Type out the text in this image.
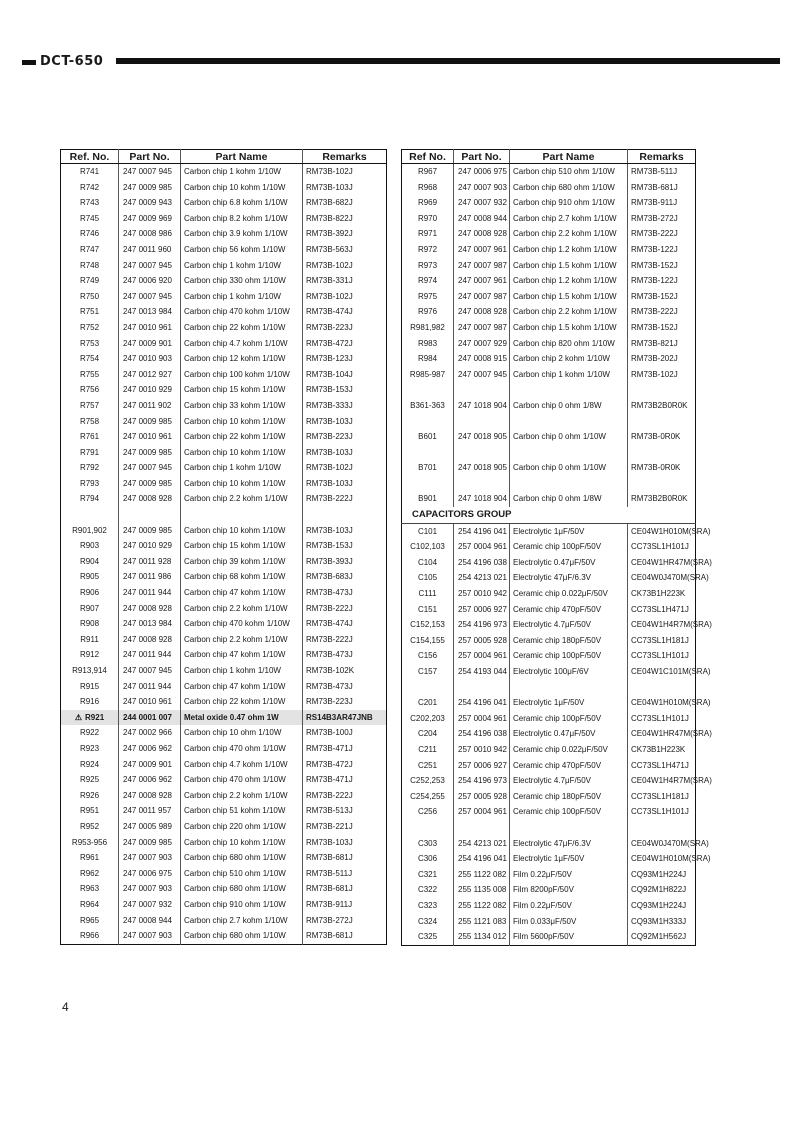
DCT-650
Ref. No.	Part No.	Part Name	Remarks
R741	247 0007 945	Carbon chip 1 kohm 1/10W	RM73B-102J
R742	247 0009 985	Carbon chip 10 kohm 1/10W	RM73B-103J
R743	247 0009 943	Carbon chip 6.8 kohm 1/10W	RM73B-682J
R745	247 0009 969	Carbon chip 8.2 kohm 1/10W	RM73B-822J
R746	247 0008 986	Carbon chip 3.9 kohm 1/10W	RM73B-392J
R747	247 0011 960	Carbon chip 56 kohm 1/10W	RM73B-563J
R748	247 0007 945	Carbon chip 1 kohm 1/10W	RM73B-102J
R749	247 0006 920	Carbon chip 330 ohm 1/10W	RM73B-331J
R750	247 0007 945	Carbon chip 1 kohm 1/10W	RM73B-102J
R751	247 0013 984	Carbon chip 470 kohm 1/10W	RM73B-474J
R752	247 0010 961	Carbon chip 22 kohm 1/10W	RM73B-223J
R753	247 0009 901	Carbon chip 4.7 kohm 1/10W	RM73B-472J
R754	247 0010 903	Carbon chip 12 kohm 1/10W	RM73B-123J
R755	247 0012 927	Carbon chip 100 kohm 1/10W	RM73B-104J
R756	247 0010 929	Carbon chip 15 kohm 1/10W	RM73B-153J
R757	247 0011 902	Carbon chip 33 kohm 1/10W	RM73B-333J
R758	247 0009 985	Carbon chip 10 kohm 1/10W	RM73B-103J
R761	247 0010 961	Carbon chip 22 kohm 1/10W	RM73B-223J
R791	247 0009 985	Carbon chip 10 kohm 1/10W	RM73B-103J
R792	247 0007 945	Carbon chip 1 kohm 1/10W	RM73B-102J
R793	247 0009 985	Carbon chip 10 kohm 1/10W	RM73B-103J
R794	247 0008 928	Carbon chip 2.2 kohm 1/10W	RM73B-222J

R901,902	247 0009 985	Carbon chip 10 kohm 1/10W	RM73B-103J
R903	247 0010 929	Carbon chip 15 kohm 1/10W	RM73B-153J
R904	247 0011 928	Carbon chip 39 kohm 1/10W	RM73B-393J
R905	247 0011 986	Carbon chip 68 kohm 1/10W	RM73B-683J
R906	247 0011 944	Carbon chip 47 kohm 1/10W	RM73B-473J
R907	247 0008 928	Carbon chip 2.2 kohm 1/10W	RM73B-222J
R908	247 0013 984	Carbon chip 470 kohm 1/10W	RM73B-474J
R911	247 0008 928	Carbon chip 2.2 kohm 1/10W	RM73B-222J
R912	247 0011 944	Carbon chip 47 kohm 1/10W	RM73B-473J
R913,914	247 0007 945	Carbon chip 1 kohm 1/10W	RM73B-102K
R915	247 0011 944	Carbon chip 47 kohm 1/10W	RM73B-473J
R916	247 0010 961	Carbon chip 22 kohm 1/10W	RM73B-223J
⚠ R921	244 0001 007	Metal oxide 0.47 ohm 1W	RS14B3AR47JNB
R922	247 0002 966	Carbon chip 10 ohm 1/10W	RM73B-100J
R923	247 0006 962	Carbon chip 470 ohm 1/10W	RM73B-471J
R924	247 0009 901	Carbon chip 4.7 kohm 1/10W	RM73B-472J
R925	247 0006 962	Carbon chip 470 ohm 1/10W	RM73B-471J
R926	247 0008 928	Carbon chip 2.2 kohm 1/10W	RM73B-222J
R951	247 0011 957	Carbon chip 51 kohm 1/10W	RM73B-513J
R952	247 0005 989	Carbon chip 220 ohm 1/10W	RM73B-221J
R953-956	247 0009 985	Carbon chip 10 kohm 1/10W	RM73B-103J
R961	247 0007 903	Carbon chip 680 ohm 1/10W	RM73B-681J
R962	247 0006 975	Carbon chip 510 ohm 1/10W	RM73B-511J
R963	247 0007 903	Carbon chip 680 ohm 1/10W	RM73B-681J
R964	247 0007 932	Carbon chip 910 ohm 1/10W	RM73B-911J
R965	247 0008 944	Carbon chip 2.7 kohm 1/10W	RM73B-272J
R966	247 0007 903	Carbon chip 680 ohm 1/10W	RM73B-681J
Ref No.	Part No.	Part Name	Remarks
R967	247 0006 975	Carbon chip 510 ohm 1/10W	RM73B-511J
R968	247 0007 903	Carbon chip 680 ohm 1/10W	RM73B-681J
R969	247 0007 932	Carbon chip 910 ohm 1/10W	RM73B-911J
R970	247 0008 944	Carbon chip 2.7 kohm 1/10W	RM73B-272J
R971	247 0008 928	Carbon chip 2.2 kohm 1/10W	RM73B-222J
R972	247 0007 961	Carbon chip 1.2 kohm 1/10W	RM73B-122J
R973	247 0007 987	Carbon chip 1.5 kohm 1/10W	RM73B-152J
R974	247 0007 961	Carbon chip 1.2 kohm 1/10W	RM73B-122J
R975	247 0007 987	Carbon chip 1.5 kohm 1/10W	RM73B-152J
R976	247 0008 928	Carbon chip 2.2 kohm 1/10W	RM73B-222J
R981,982	247 0007 987	Carbon chip 1.5 kohm 1/10W	RM73B-152J
R983	247 0007 929	Carbon chip 820 ohm 1/10W	RM73B-821J
R984	247 0008 915	Carbon chip 2 kohm 1/10W	RM73B-202J
R985-987	247 0007 945	Carbon chip 1 kohm 1/10W	RM73B-102J

B361-363	247 1018 904	Carbon chip 0 ohm 1/8W	RM73B2B0R0K

B601	247 0018 905	Carbon chip 0 ohm 1/10W	RM73B-0R0K

B701	247 0018 905	Carbon chip 0 ohm 1/10W	RM73B-0R0K

B901	247 1018 904	Carbon chip 0 ohm 1/8W	RM73B2B0R0K
CAPACITORS GROUP			
C101	254 4196 041	Electrolytic 1μF/50V	CE04W1H010M(SRA)
C102,103	257 0004 961	Ceramic chip 100pF/50V	CC73SL1H101J
C104	254 4196 038	Electrolytic 0.47μF/50V	CE04W1HR47M(SRA)
C105	254 4213 021	Electrolytic 47μF/6.3V	CE04W0J470M(SRA)
C111	257 0010 942	Ceramic chip 0.022μF/50V	CK73B1H223K
C151	257 0006 927	Ceramic chip 470pF/50V	CC73SL1H471J
C152,153	254 4196 973	Electrolytic 4.7μF/50V	CE04W1H4R7M(SRA)
C154,155	257 0005 928	Ceramic chip 180pF/50V	CC73SL1H181J
C156	257 0004 961	Ceramic chip 100pF/50V	CC73SL1H101J
C157	254 4193 044	Electrolytic 100μF/6V	CE04W1C101M(SRA)

C201	254 4196 041	Electrolytic 1μF/50V	CE04W1H010M(SRA)
C202,203	257 0004 961	Ceramic chip 100pF/50V	CC73SL1H101J
C204	254 4196 038	Electrolytic 0.47μF/50V	CE04W1HR47M(SRA)
C211	257 0010 942	Ceramic chip 0.022μF/50V	CK73B1H223K
C251	257 0006 927	Ceramic chip 470pF/50V	CC73SL1H471J
C252,253	254 4196 973	Electrolytic 4.7μF/50V	CE04W1H4R7M(SRA)
C254,255	257 0005 928	Ceramic chip 180pF/50V	CC73SL1H181J
C256	257 0004 961	Ceramic chip 100pF/50V	CC73SL1H101J

C303	254 4213 021	Electrolytic 47μF/6.3V	CE04W0J470M(SRA)
C306	254 4196 041	Electrolytic 1μF/50V	CE04W1H010M(SRA)
C321	255 1122 082	Film 0.22μF/50V	CQ93M1H224J
C322	255 1135 008	Film 8200pF/50V	CQ92M1H822J
C323	255 1122 082	Film 0.22μF/50V	CQ93M1H224J
C324	255 1121 083	Film 0.033μF/50V	CQ93M1H333J
C325	255 1134 012	Film 5600pF/50V	CQ92M1H562J
4
